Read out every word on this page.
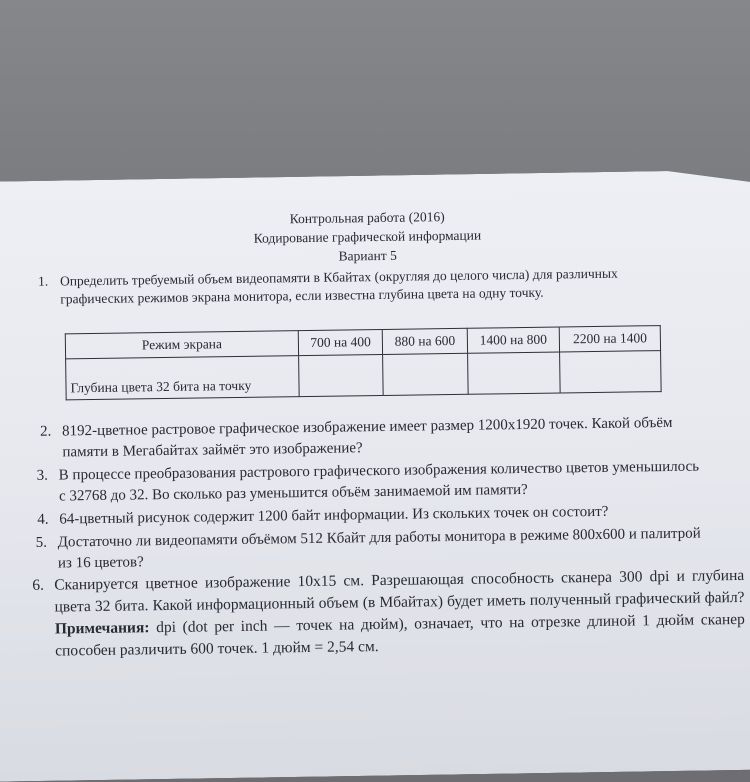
Контрольная работа (2016)
Кодирование графической информации
Вариант 5
1. Определить требуемый объем видеопамяти в Кбайтах (округляя до целого числа) для различных графических режимов экрана монитора, если известна глубина цвета на одну точку.
Режим экрана	700 на 400	880 на 600	1400 на 800	2200 на 1400
Глубина цвета 32 бита на точку				
2. 8192-цветное растровое графическое изображение имеет размер 1200х1920 точек. Какой объём памяти в Мегабайтах займёт это изображение?
3. В процессе преобразования растрового графического изображения количество цветов уменьшилось с 32768 до 32. Во сколько раз уменьшится объём занимаемой им памяти?
4. 64-цветный рисунок содержит 1200 байт информации. Из скольких точек он состоит?
5. Достаточно ли видеопамяти объёмом 512 Кбайт для работы монитора в режиме 800х600 и палитрой из 16 цветов?
6. Сканируется цветное изображение 10х15 см. Разрешающая способность сканера 300 dpi и глубина цвета 32 бита. Какой информационный объем (в Мбайтах) будет иметь полученный графический файл? Примечания: dpi (dot per inch — точек на дюйм), означает, что на отрезке длиной 1 дюйм сканер способен различить 600 точек. 1 дюйм = 2,54 см.
